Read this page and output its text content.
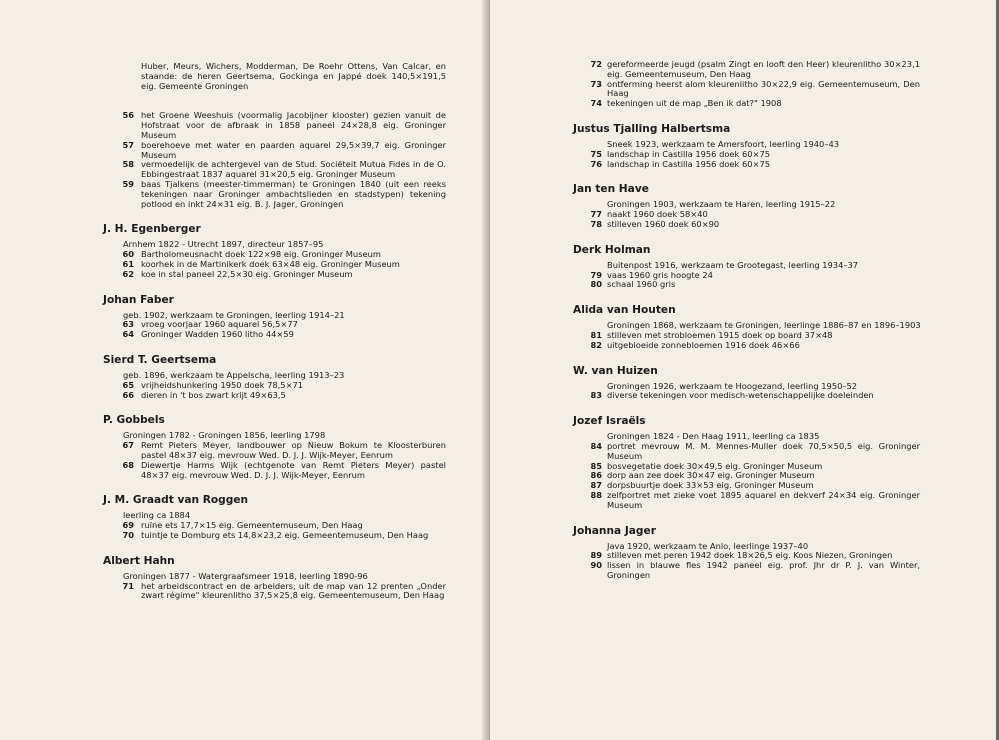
Huber, Meurs, Wichers, Modderman, De Roehr Ottens, Van Calcar, en staande: de heren Geertsema, Gockinga en Jappé doek 140,5×191,5 eig. Gemeente Groningen
56 het Groene Weeshuis (voormalig Jacobijner klooster) gezien vanuit de Hofstraat voor de afbraak in 1858 paneel 24×28,8 eig. Groninger Museum
57 boerehoeve met water en paarden aquarel 29,5×39,7 eig. Groninger Museum
58 vermoedelijk de achtergevel van de Stud. Sociëteit Mutua Fides in de O. Ebbingestraat 1837 aquarel 31×20,5 eig. Groninger Museum
59 baas Tjalkens (meester-timmerman) te Groningen 1840 (uit een reeks tekeningen naar Groninger ambachtslieden en stadstypen) tekening potlood en inkt 24×31 eig. B. J. Jager, Groningen
J. H. Egenberger
Arnhem 1822 - Utrecht 1897, directeur 1857–95
60 Bartholomeusnacht doek 122×98 eig. Groninger Museum
61 koorhek in de Martinikerk doek 63×48 eig. Groninger Museum
62 koe in stal paneel 22,5×30 eig. Groninger Museum
Johan Faber
geb. 1902, werkzaam te Groningen, leerling 1914–21
63 vroeg voorjaar 1960 aquarel 56,5×77
64 Groninger Wadden 1960 litho 44×59
Sierd T. Geertsema
geb. 1896, werkzaam te Appelscha, leerling 1913–23
65 vrijheidshunkering 1950 doek 78,5×71
66 dieren in 't bos zwart krijt 49×63,5
P. Gobbels
Groningen 1782 - Groningen 1856, leerling 1798
67 Remt Pieters Meyer, landbouwer op Nieuw Bokum te Kloosterburen pastel 48×37 eig. mevrouw Wed. D. J. J. Wijk-Meyer, Eenrum
68 Diewertje Harms Wijk (echtgenote van Remt Pieters Meyer) pastel 48×37 eig. mevrouw Wed. D. J. J. Wijk-Meyer, Eenrum
J. M. Graadt van Roggen
leerling ca 1884
69 ruïne ets 17,7×15 eig. Gemeentemuseum, Den Haag
70 tuintje te Domburg ets 14,8×23,2 eig. Gemeentemuseum, Den Haag
Albert Hahn
Groningen 1877 - Watergraafsmeer 1918, leerling 1890-96
71 het arbeidscontract en de arbeiders, uit de map van 12 prenten „Onder zwart régime" kleurenlitho 37,5×25,8 eig. Gemeentemuseum, Den Haag
72 gereformeerde jeugd (psalm Zingt en looft den Heer) kleurenlitho 30×23,1 eig. Gemeentemuseum, Den Haag
73 ontferming heerst alom kleurenlitho 30×22,9 eig. Gemeentemuseum, Den Haag
74 tekeningen uit de map „Ben ik dat?" 1908
Justus Tjalling Halbertsma
Sneek 1923, werkzaam te Amersfoort, leerling 1940–43
75 landschap in Castilla 1956 doek 60×75
76 landschap in Castilla 1956 doek 60×75
Jan ten Have
Groningen 1903, werkzaam te Haren, leerling 1915–22
77 naakt 1960 doek 58×40
78 stilleven 1960 doek 60×90
Derk Holman
Buitenpost 1916, werkzaam te Grootegast, leerling 1934–37
79 vaas 1960 gris hoogte 24
80 schaal 1960 gris
Alida van Houten
Groningen 1868, werkzaam te Groningen, leerlinge 1886–87 en 1896–1903
81 stilleven met strobloemen 1915 doek op board 37×48
82 uitgebloeide zonnebloemen 1916 doek 46×66
W. van Huizen
Groningen 1926, werkzaam te Hoogezand, leerling 1950–52
83 diverse tekeningen voor medisch-wetenschappelijke doeleinden
Jozef Israëls
Groningen 1824 - Den Haag 1911, leerling ca 1835
84 portret mevrouw M. M. Mennes-Muller doek 70,5×50,5 eig. Groninger Museum
85 bosvegetatie doek 30×49,5 eig. Groninger Museum
86 dorp aan zee doek 30×47 eig. Groninger Museum
87 dorpsbuurtje doek 33×53 eig. Groninger Museum
88 zelfportret met zieke voet 1895 aquarel en dekverf 24×34 eig. Groninger Museum
Johanna Jager
Java 1920, werkzaam te Anlo, leerlinge 1937–40
89 stilleven met peren 1942 doek 18×26,5 eig. Koos Niezen, Groningen
90 lissen in blauwe fles 1942 paneel eig. prof. Jhr dr P. J. van Winter, Groningen
